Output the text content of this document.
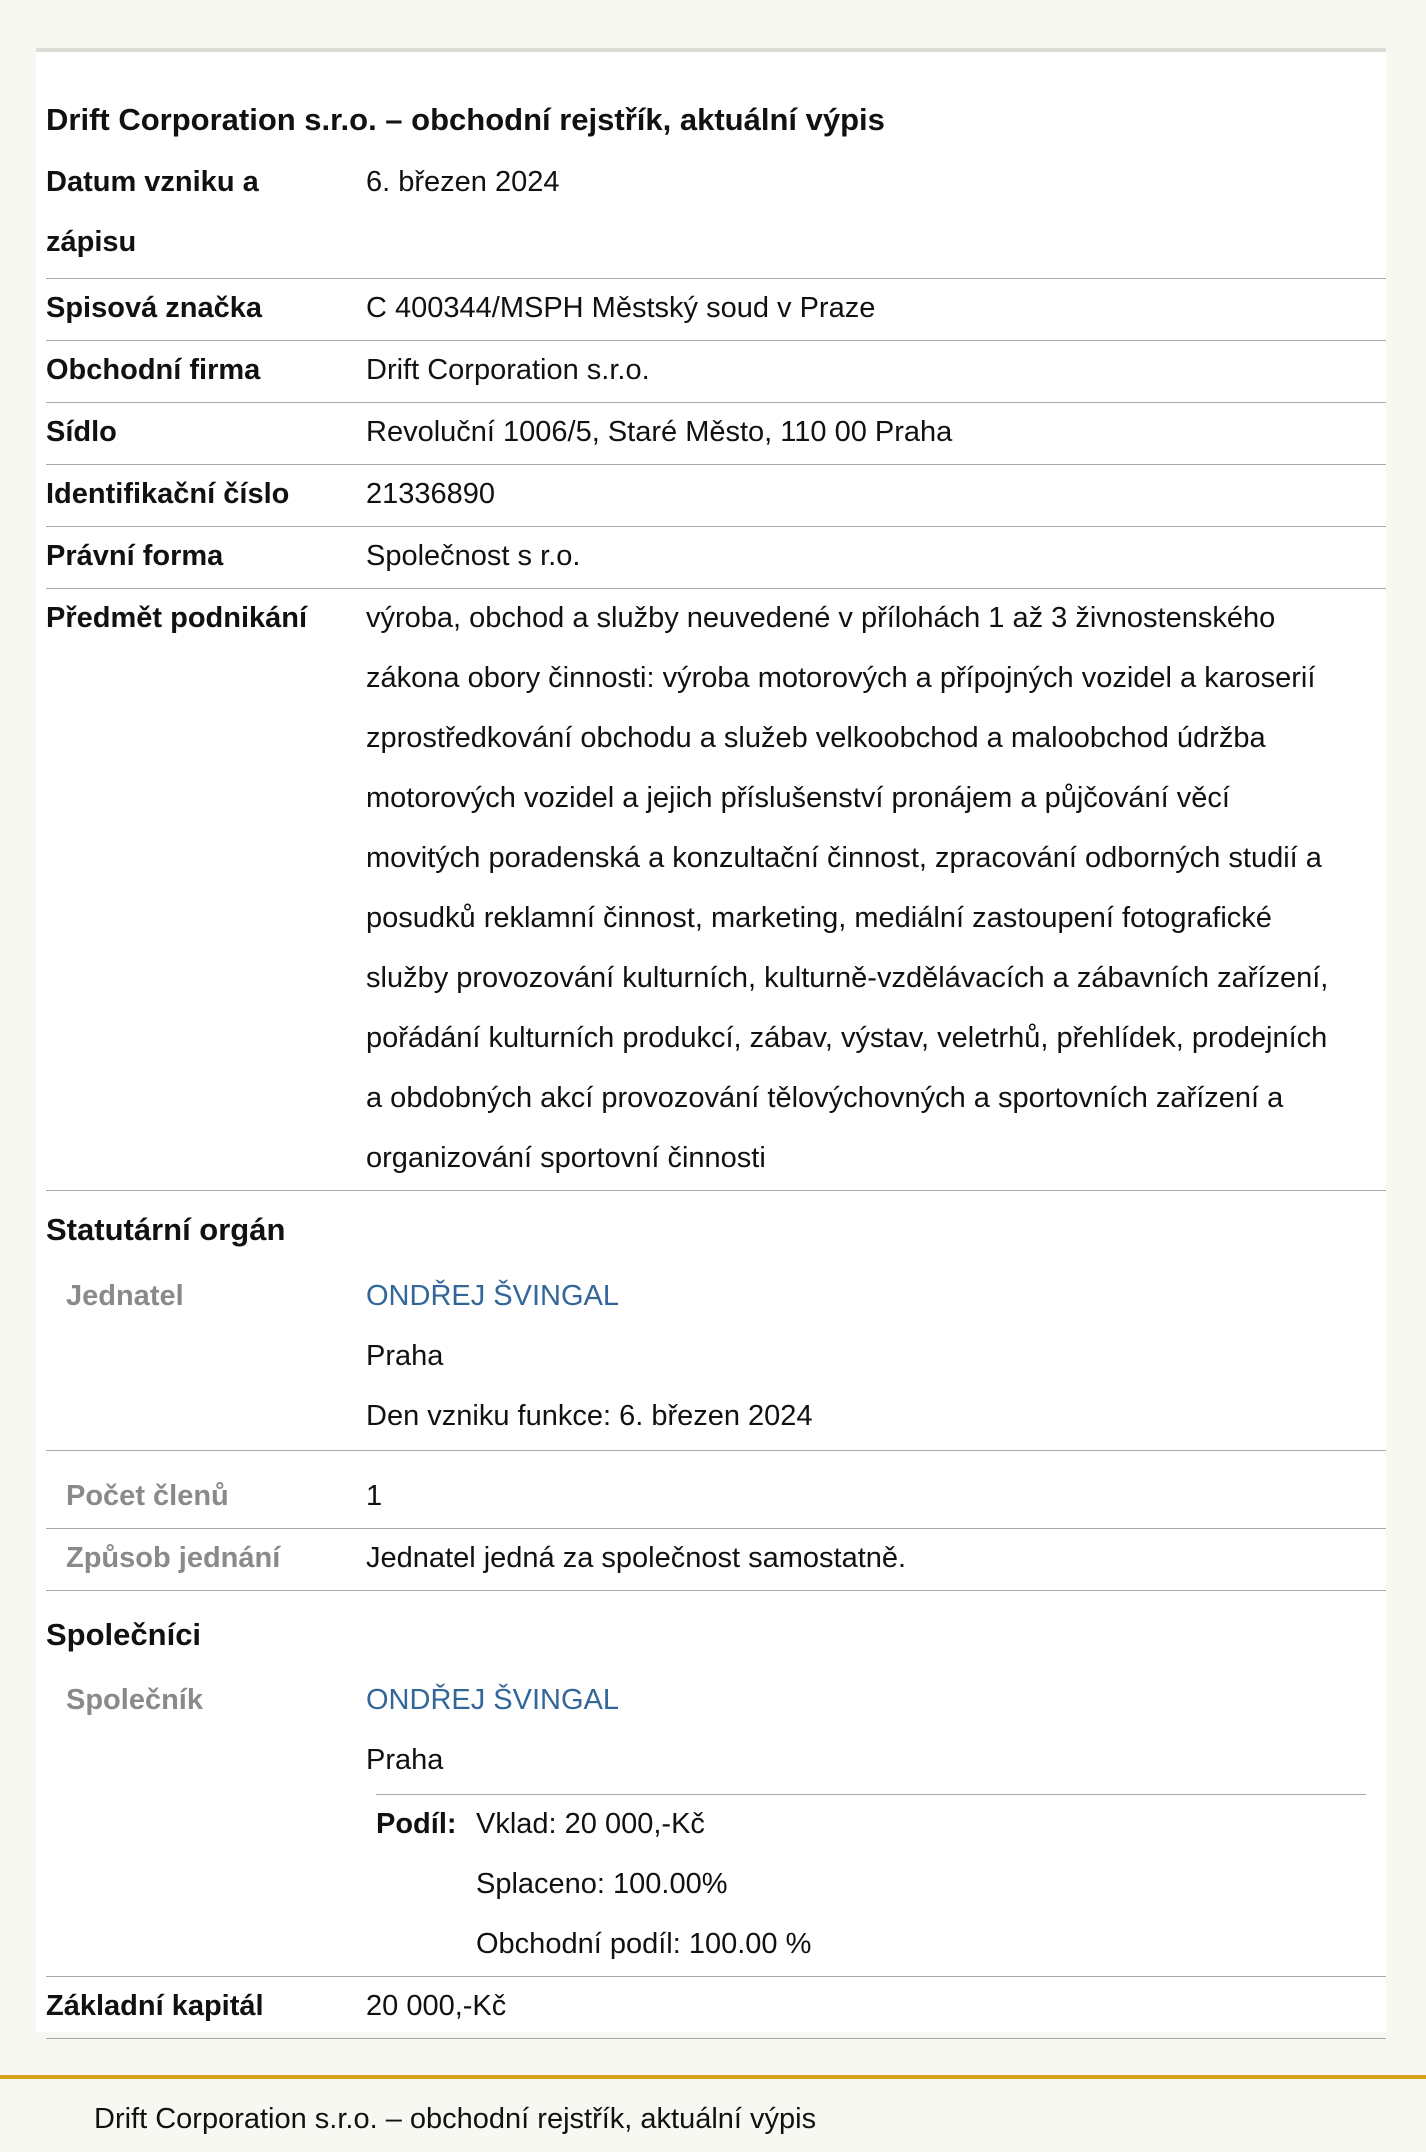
Drift Corporation s.r.o. – obchodní rejstřík, aktuální výpis
Datum vzniku a
zápisu
6. březen 2024
Spisová značka	C 400344/MSPH Městský soud v Praze
Obchodní firma	Drift Corporation s.r.o.
Sídlo	Revoluční 1006/5, Staré Město, 110 00 Praha
Identifikační číslo	21336890
Právní forma	Společnost s r.o.
Předmět podnikání	výroba, obchod a služby neuvedené v přílohách 1 až 3 živnostenského
zákona obory činnosti: výroba motorových a přípojných vozidel a karoserií
zprostředkování obchodu a služeb velkoobchod a maloobchod údržba
motorových vozidel a jejich příslušenství pronájem a půjčování věcí
movitých poradenská a konzultační činnost, zpracování odborných studií a
posudků reklamní činnost, marketing, mediální zastoupení fotografické
služby provozování kulturních, kulturně-vzdělávacích a zábavních zařízení,
pořádání kulturních produkcí, zábav, výstav, veletrhů, přehlídek, prodejních
a obdobných akcí provozování tělovýchovných a sportovních zařízení a
organizování sportovní činnosti
Statutární orgán
Jednatel	ONDŘEJ ŠVINGAL
Praha
Den vzniku funkce: 6. březen 2024
Počet členů	1
Způsob jednání	Jednatel jedná za společnost samostatně.
Společníci
Společník	ONDŘEJ ŠVINGAL
Praha
Podíl: Vklad: 20 000,-Kč
Splaceno: 100.00%
Obchodní podíl: 100.00 %
Základní kapitál	20 000,-Kč
Drift Corporation s.r.o. – obchodní rejstřík, aktuální výpis
